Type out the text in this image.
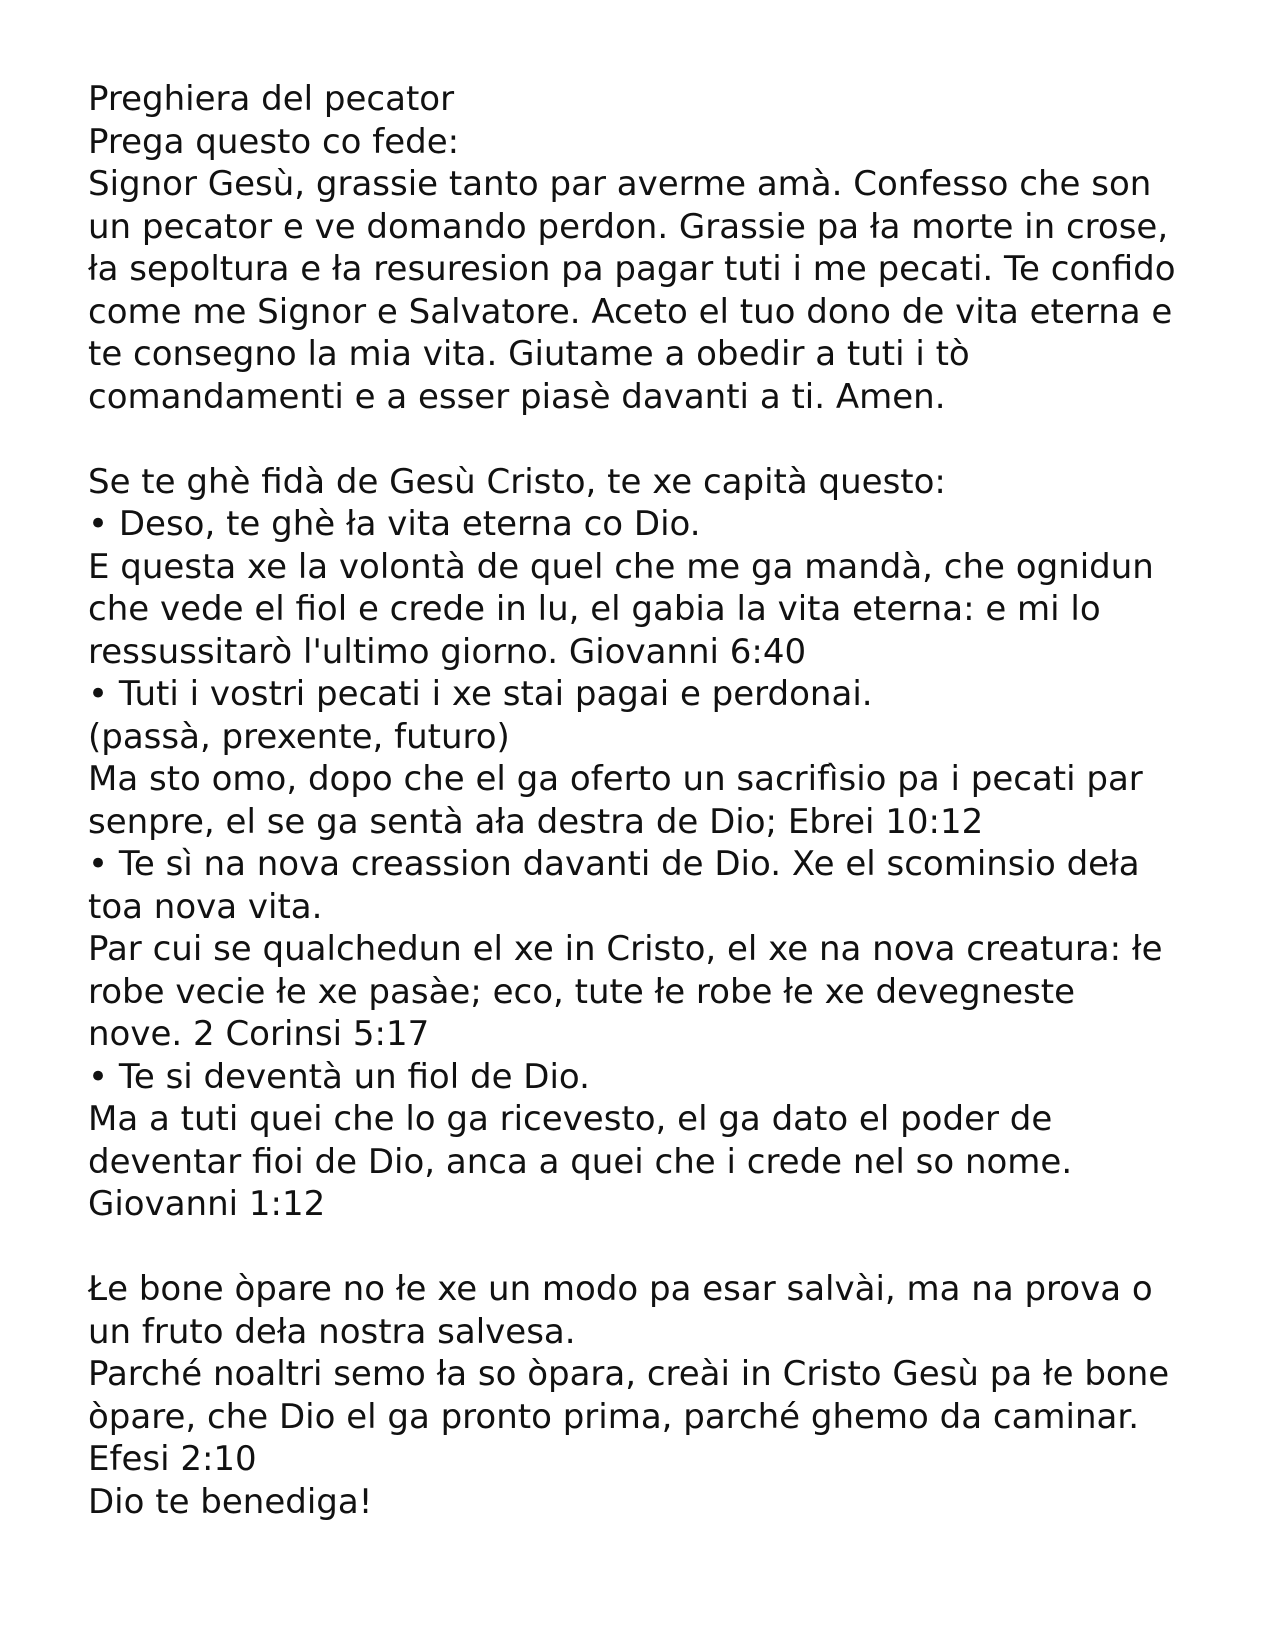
Preghiera del pecator
Prega questo co fede:
Signor Gesù, grassie tanto par averme amà. Confesso che son
un pecator e ve domando perdon. Grassie pa ła morte in crose,
ła sepoltura e ła resuresion pa pagar tuti i me pecati. Te confido
come me Signor e Salvatore. Aceto el tuo dono de vita eterna e
te consegno la mia vita. Giutame a obedir a tuti i tò
comandamenti e a esser piasè davanti a ti. Amen.
Se te ghè fidà de Gesù Cristo, te xe capità questo:
• Deso, te ghè ła vita eterna co Dio.
E questa xe la volontà de quel che me ga mandà, che ognidun
che vede el fiol e crede in lu, el gabia la vita eterna: e mi lo
ressussitarò l'ultimo giorno. Giovanni 6:40
• Tuti i vostri pecati i xe stai pagai e perdonai.
(passà, prexente, futuro)
Ma sto omo, dopo che el ga oferto un sacrifìsio pa i pecati par
senpre, el se ga sentà ała destra de Dio; Ebrei 10:12
• Te sì na nova creassion davanti de Dio. Xe el scominsio deła
toa nova vita.
Par cui se qualchedun el xe in Cristo, el xe na nova creatura: łe
robe vecie łe xe pasàe; eco, tute łe robe łe xe devegneste
nove. 2 Corinsi 5:17
• Te si deventà un fiol de Dio.
Ma a tuti quei che lo ga ricevesto, el ga dato el poder de
deventar fioi de Dio, anca a quei che i crede nel so nome.
Giovanni 1:12
Łe bone òpare no łe xe un modo pa esar salvài, ma na prova o
un fruto deła nostra salvesa.
Parché noaltri semo ła so òpara, creài in Cristo Gesù pa łe bone
òpare, che Dio el ga pronto prima, parché ghemo da caminar.
Efesi 2:10
Dio te benediga!
